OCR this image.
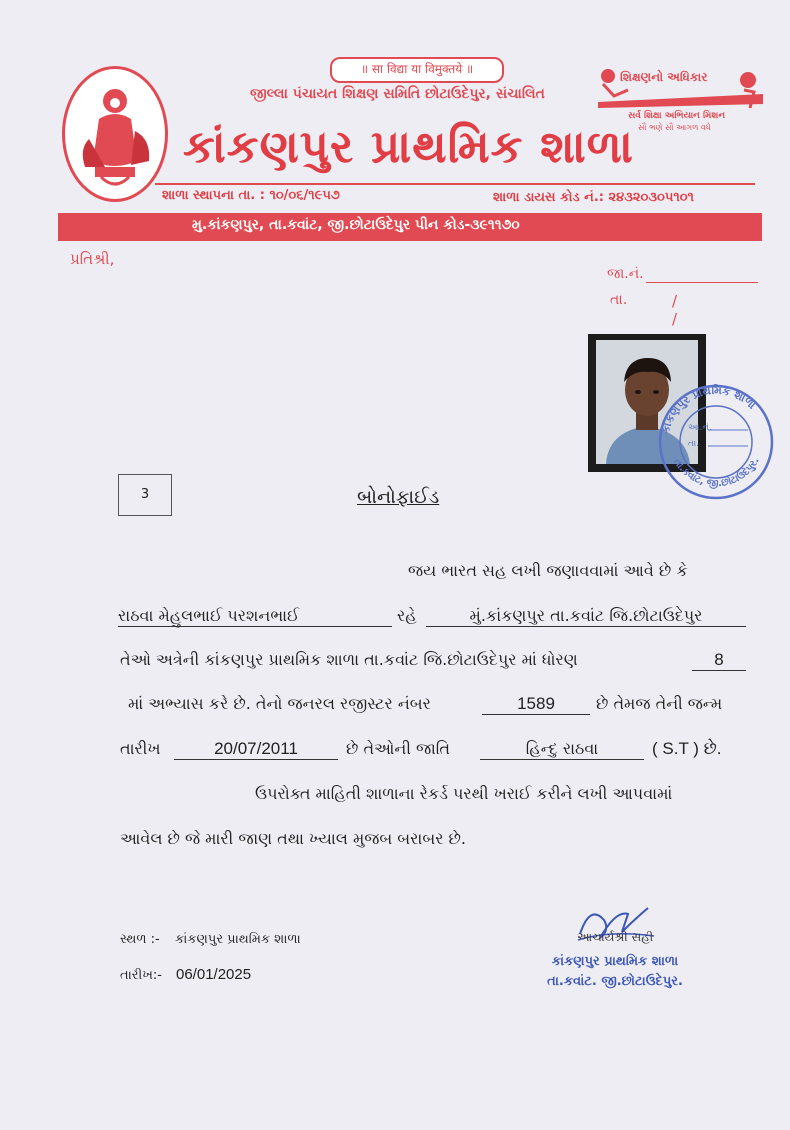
॥ सा विद्या या विमुक्तये ॥
જીલ્લા પંચાયત શિક્ષણ સમિતિ છોટાઉદેપુર, સંચાલિત
શિક્ષણનો અધિકાર
સર્વ શિક્ષા અભિયાન મિશન
સૌ ભણે સૌ આગળ વધે
કાંકણપુર પ્રાથમિક શાળા
શાળા સ્થાપના તા. : ૧૦/૦૬/૧૯૫૭	શાળા ડાયસ કોડ નં.: ૨૪૩૨૦૩૦૫૧૦૧
મુ.કાંકણપુર, તા.કવાંટ, જી.છોટાઉદેપુર પીન કોડ-૩૯૧૧૭૦
પ્રતિશ્રી,
જા.નં.
તા.	/ /
કાંકણપુર પ્રાથમિક શાળા
તા.કવાંટ, જી.છોટાઉદેપુર.
આ.નં.
તા.
3	બોનોફાઈડ
જય ભારત સહ લખી જણાવવામાં આવે છે કે
રાઠવા મેહુલભાઈ પરશનભાઈ	રહે	મું.કાંકણપુર તા.કવાંટ જિ.છોટાઉદેપુર
તેઓ અત્રેની કાંકણપુર પ્રાથમિક શાળા તા.કવાંટ જિ.છોટાઉદેપુર માં ધોરણ	8
માં અભ્યાસ કરે છે. તેનો જનરલ રજીસ્ટર નંબર	1589	છે તેમજ તેની જન્મ
તારીખ	20/07/2011	છે તેઓની જાતિ	હિન્દુ રાઠવા	( S.T ) છે.
ઉપરોક્ત માહિતી શાળાના રેકર્ડ પરથી ખરાઈ કરીને લખી આપવામાં
આવેલ છે જે મારી જાણ તથા ખ્યાલ મુજબ બરાબર છે.
સ્થળ :- કાંકણપુર પ્રાથમિક શાળા
તારીખ:- 06/01/2025
આચાર્યશ્રી સહી
કાંકણપુર પ્રાથમિક શાળા
તા.કવાંટ. જી.છોટાઉદેપુર.
